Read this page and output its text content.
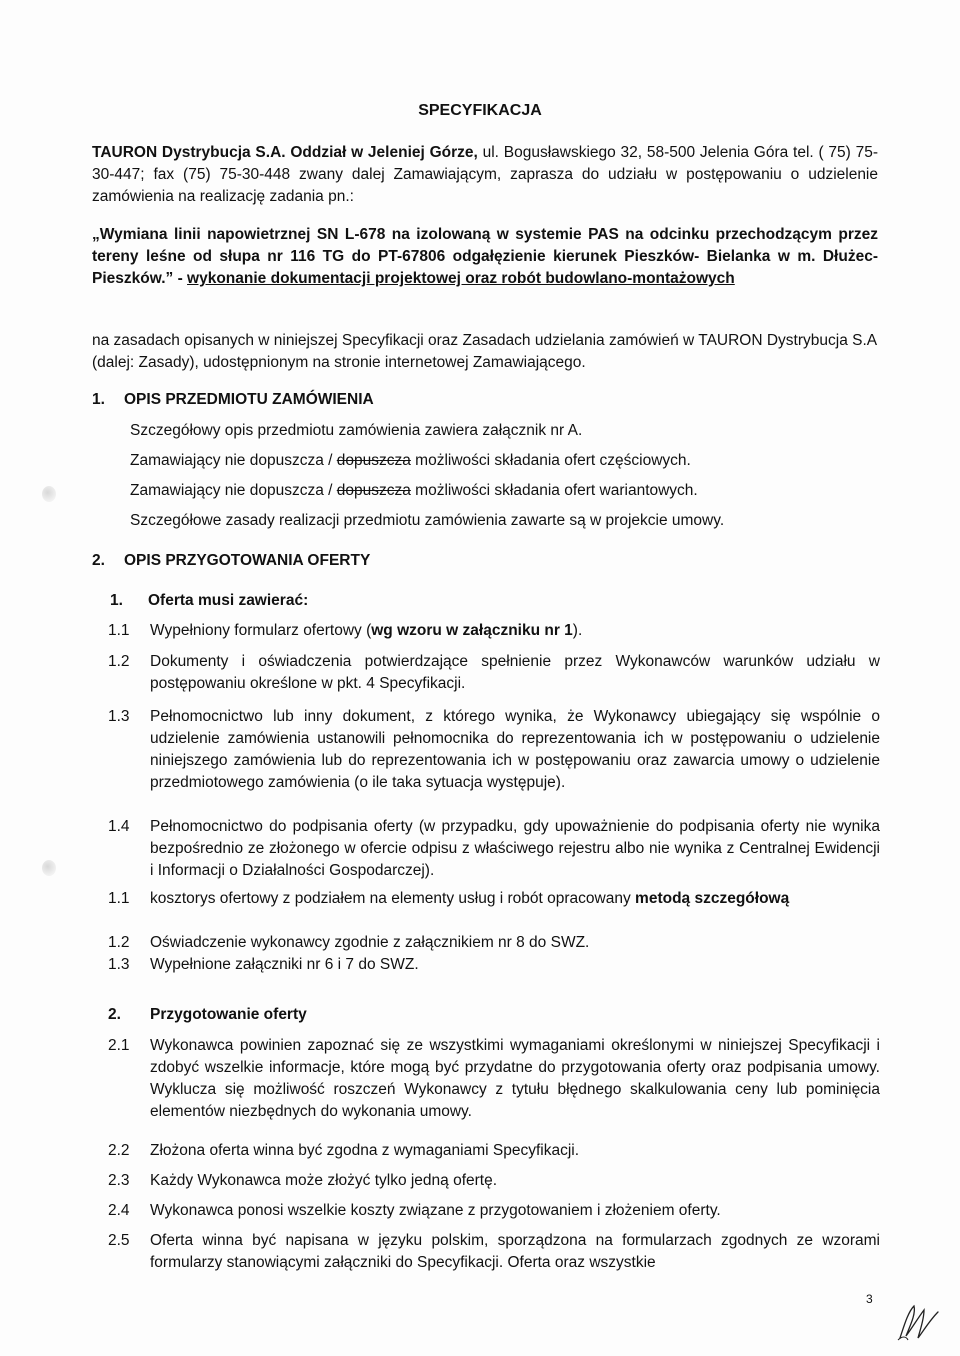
SPECYFIKACJA
TAURON Dystrybucja S.A. Oddział w Jeleniej Górze, ul. Bogusławskiego 32, 58-500 Jelenia Góra tel. ( 75) 75-30-447; fax (75) 75-30-448 zwany dalej Zamawiającym, zaprasza do udziału w postępowaniu o udzielenie zamówienia na realizację zadania pn.:
„Wymiana linii napowietrznej SN L-678 na izolowaną w systemie PAS na odcinku przechodzącym przez tereny leśne od słupa nr 116 TG do PT-67806 odgałęzienie kierunek Pieszków- Bielanka w m. Dłużec- Pieszków.” - wykonanie dokumentacji projektowej oraz robót budowlano-montażowych
na zasadach opisanych w niniejszej Specyfikacji oraz Zasadach udzielania zamówień w TAURON Dystrybucja S.A (dalej: Zasady), udostępnionym na stronie internetowej Zamawiającego.
1. OPIS PRZEDMIOTU ZAMÓWIENIA
Szczegółowy opis przedmiotu zamówienia zawiera załącznik nr A.
Zamawiający nie dopuszcza / dopuszcza możliwości składania ofert częściowych.
Zamawiający nie dopuszcza / dopuszcza możliwości składania ofert wariantowych.
Szczegółowe zasady realizacji przedmiotu zamówienia zawarte są w projekcie umowy.
2. OPIS PRZYGOTOWANIA OFERTY
1. Oferta musi zawierać:
1.1	Wypełniony formularz ofertowy (wg wzoru w załączniku nr 1).
1.2	Dokumenty i oświadczenia potwierdzające spełnienie przez Wykonawców warunków udziału w postępowaniu określone w pkt. 4 Specyfikacji.
1.3	Pełnomocnictwo lub inny dokument, z którego wynika, że Wykonawcy ubiegający się wspólnie o udzielenie zamówienia ustanowili pełnomocnika do reprezentowania ich w postępowaniu o udzielenie niniejszego zamówienia lub do reprezentowania ich w postępowaniu oraz zawarcia umowy o udzielenie przedmiotowego zamówienia (o ile taka sytuacja występuje).
1.4	Pełnomocnictwo do podpisania oferty (w przypadku, gdy upoważnienie do podpisania oferty nie wynika bezpośrednio ze złożonego w ofercie odpisu z właściwego rejestru albo nie wynika z Centralnej Ewidencji i Informacji o Działalności Gospodarczej).
1.1	kosztorys ofertowy z podziałem na elementy usług i robót opracowany metodą szczegółową
1.2	Oświadczenie wykonawcy zgodnie z załącznikiem nr 8 do SWZ.
1.3	Wypełnione załączniki nr 6 i 7 do SWZ.
2. Przygotowanie oferty
2.1	Wykonawca powinien zapoznać się ze wszystkimi wymaganiami określonymi w niniejszej Specyfikacji i zdobyć wszelkie informacje, które mogą być przydatne do przygotowania oferty oraz podpisania umowy. Wyklucza się możliwość roszczeń Wykonawcy z tytułu błędnego skalkulowania ceny lub pominięcia elementów niezbędnych do wykonania umowy.
2.2	Złożona oferta winna być zgodna z wymaganiami Specyfikacji.
2.3	Każdy Wykonawca może złożyć tylko jedną ofertę.
2.4	Wykonawca ponosi wszelkie koszty związane z przygotowaniem i złożeniem oferty.
2.5	Oferta winna być napisana w języku polskim, sporządzona na formularzach zgodnych ze wzorami formularzy stanowiącymi załączniki do Specyfikacji. Oferta oraz wszystkie
3
